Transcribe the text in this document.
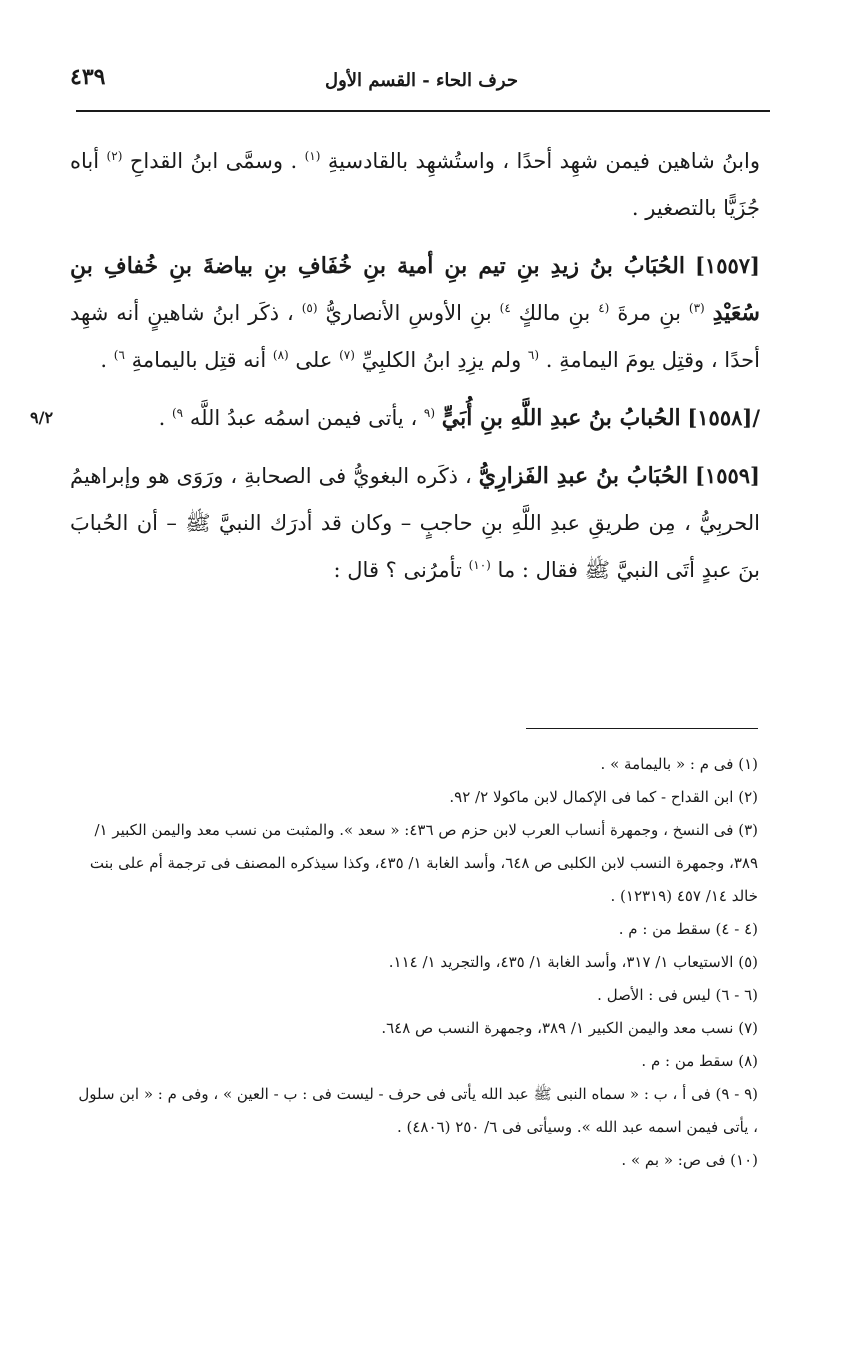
حرف الحاء - القسم الأول
٤٣٩

وابنُ شاهين فيمن شهِد أحدًا ، واستُشهِد بالقادسيةِ $^{(١)}$ . وسمَّى ابنُ القداحِ $^{(٢)}$ أباه جُزَيًّا بالتصغير .

[١٥٥٧] الحُبَابُ بنُ زيدِ بنِ تيم بنِ أمية بنِ خُفَافِ بنِ بياضةَ بنِ خُفافِ بنِ سُعَيْدِ $^{(٣)}$ بنِ مرةَ $^{(٤}$ بنِ مالكٍ $^{٤)}$ بنِ الأوسِ الأنصاريُّ $^{(٥)}$ ، ذكَر ابنُ شاهينٍ أنه شهِد أحدًا ، وقتِل يومَ اليمامةِ . $^{(٦}$ ولم يزِدِ ابنُ الكلبِيِّ $^{(٧)}$ على $^{(٨)}$ أنه قتِل باليمامةِ $^{٦)}$ .

/[١٥٥٨] الحُبابُ بنُ عبدِ اللَّهِ بنِ أُبَيٍّ $^{(٩}$ ، يأتى فيمن اسمُه عبدُ اللَّه $^{٩)}$ .
٩/٢

[١٥٥٩] الحُبَابُ بنُ عبدِ الفَزارِيُّ ، ذكَره البغويُّ فى الصحابةِ ، ورَوَى هو وإبراهيمُ الحربِيُّ ، مِن طريقِ عبدِ اللَّهِ بنِ حاجبٍ – وكان قد أدرَك النبيَّ ﷺ – أن الحُبابَ بنَ عبدٍ أتَى النبيَّ ﷺ فقال : ما $^{(١٠)}$ تأمرُنى ؟ قال :

(١) فى م : « باليمامة » .

(٢) ابن القداح - كما فى الإكمال لابن ماكولا ٢/ ٩٢.

(٣) فى النسخ ، وجمهرة أنساب العرب لابن حزم ص ٤٣٦: « سعد ». والمثبت من نسب معد واليمن الكبير ١/ ٣٨٩، وجمهرة النسب لابن الكلبى ص ٦٤٨، وأسد الغابة ١/ ٤٣٥، وكذا سيذكره المصنف فى ترجمة أم على بنت خالد ١٤/ ٤٥٧ (١٢٣١٩) .

(٤ - ٤) سقط من : م .

(٥) الاستيعاب ١/ ٣١٧، وأسد الغابة ١/ ٤٣٥، والتجريد ١/ ١١٤.

(٦ - ٦) ليس فى : الأصل .

(٧) نسب معد واليمن الكبير ١/ ٣٨٩، وجمهرة النسب ص ٦٤٨.

(٨) سقط من : م .

(٩ - ٩) فى أ ، ب : « سماه النبى ﷺ عبد الله يأتى فى حرف - ليست فى : ب - العين » ، وفى م : « ابن سلول ، يأتى فيمن اسمه عبد الله ». وسيأتى فى ٦/ ٢٥٠ (٤٨٠٦) .

(١٠) فى ص: « بم » .
